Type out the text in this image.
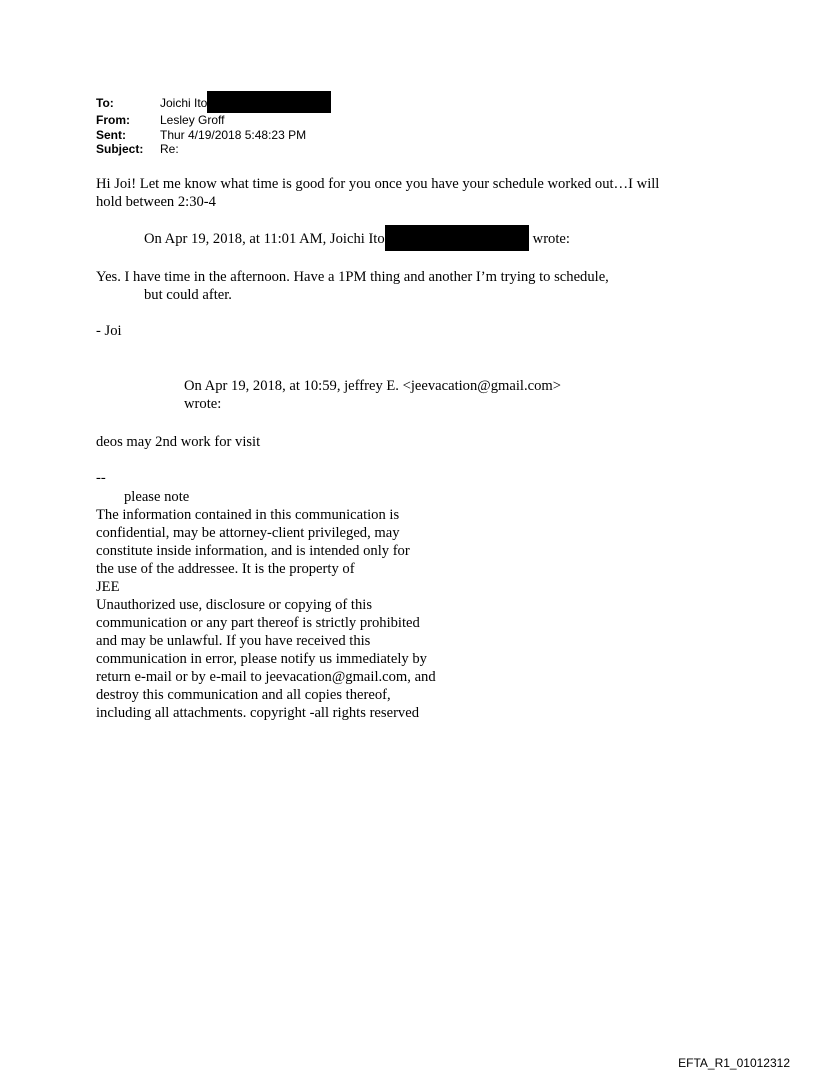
To:	Joichi Ito
From:	Lesley Groff
Sent:	Thur 4/19/2018 5:48:23 PM
Subject:	Re:
Hi Joi! Let me know what time is good for you once you have your schedule worked out…I will
hold between 2:30-4
On Apr 19, 2018, at 11:01 AM, Joichi Ito	wrote:
Yes. I have time in the afternoon. Have a 1PM thing and another I’m trying to schedule,
but could after.
- Joi
On Apr 19, 2018, at 10:59, jeffrey E. <jeevacation@gmail.com>
wrote:
deos may 2nd work for visit
--
please note
The information contained in this communication is
confidential, may be attorney-client privileged, may
constitute inside information, and is intended only for
the use of the addressee. It is the property of
JEE
Unauthorized use, disclosure or copying of this
communication or any part thereof is strictly prohibited
and may be unlawful. If you have received this
communication in error, please notify us immediately by
return e-mail or by e-mail to jeevacation@gmail.com, and
destroy this communication and all copies thereof,
including all attachments. copyright -all rights reserved
EFTA_R1_01012312
